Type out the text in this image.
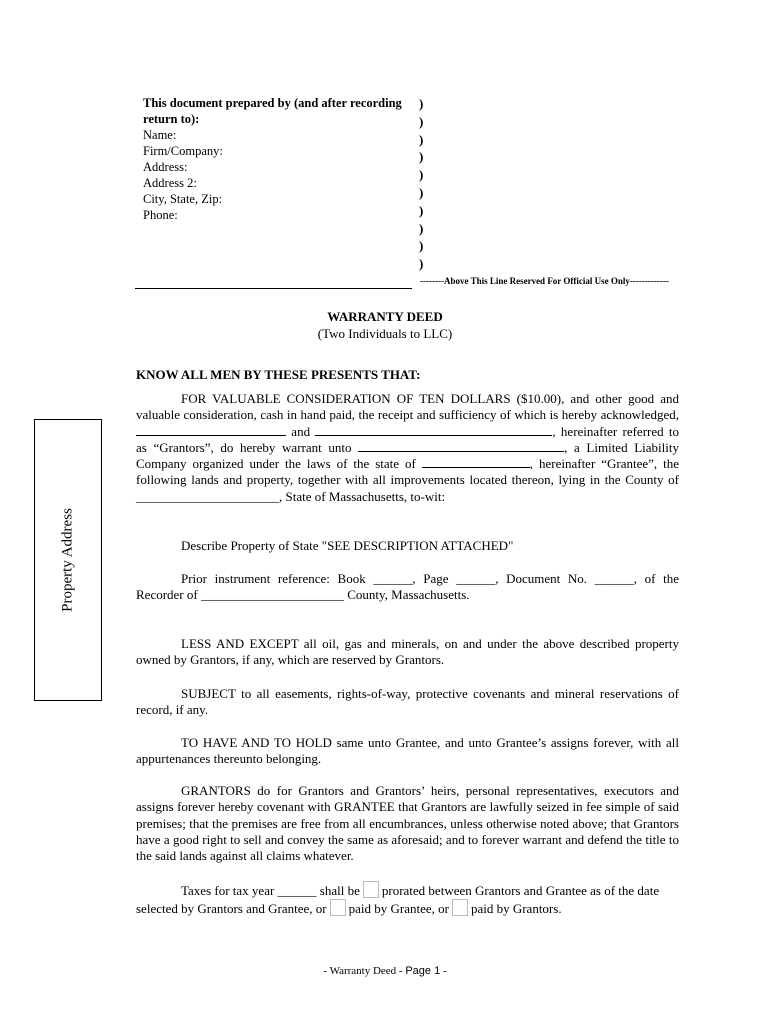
This document prepared by (and after recording return to):
Name:
Firm/Company:
Address:
Address 2:
City, State, Zip:
Phone:
)
)
)
)
)
)
)
)
)
)
--------Above This Line Reserved For Official Use Only-------------
WARRANTY DEED
(Two Individuals to LLC)
KNOW ALL MEN BY THESE PRESENTS THAT:
Property Address
FOR VALUABLE CONSIDERATION OF TEN DOLLARS ($10.00), and other good and valuable consideration, cash in hand paid, the receipt and sufficiency of which is hereby acknowledged,  and	, hereinafter referred to as “Grantors”, do hereby warrant unto	, a Limited Liability Company organized under the laws of the state of	, hereinafter “Grantee”, the following lands and property, together with all improvements located thereon, lying in the County of ______________________, State of Massachusetts, to-wit:
Describe Property of State "SEE DESCRIPTION ATTACHED"
Prior instrument reference: Book ______, Page ______, Document No. ______, of the Recorder of ______________________ County, Massachusetts.
LESS AND EXCEPT all oil, gas and minerals, on and under the above described property owned by Grantors, if any, which are reserved by Grantors.
SUBJECT to all easements, rights-of-way, protective covenants and mineral reservations of record, if any.
TO HAVE AND TO HOLD same unto Grantee, and unto Grantee’s assigns forever, with all appurtenances thereunto belonging.
GRANTORS do for Grantors and Grantors’ heirs, personal representatives, executors and assigns forever hereby covenant with GRANTEE that Grantors are lawfully seized in fee simple of said premises; that the premises are free from all encumbrances, unless otherwise noted above; that Grantors have a good right to sell and convey the same as aforesaid; and to forever warrant and defend the title to the said lands against all claims whatever.
Taxes for tax year ______ shall be prorated between Grantors and Grantee as of the date selected by Grantors and Grantee, or paid by Grantee, or paid by Grantors.
- Warranty Deed - Page 1 -
